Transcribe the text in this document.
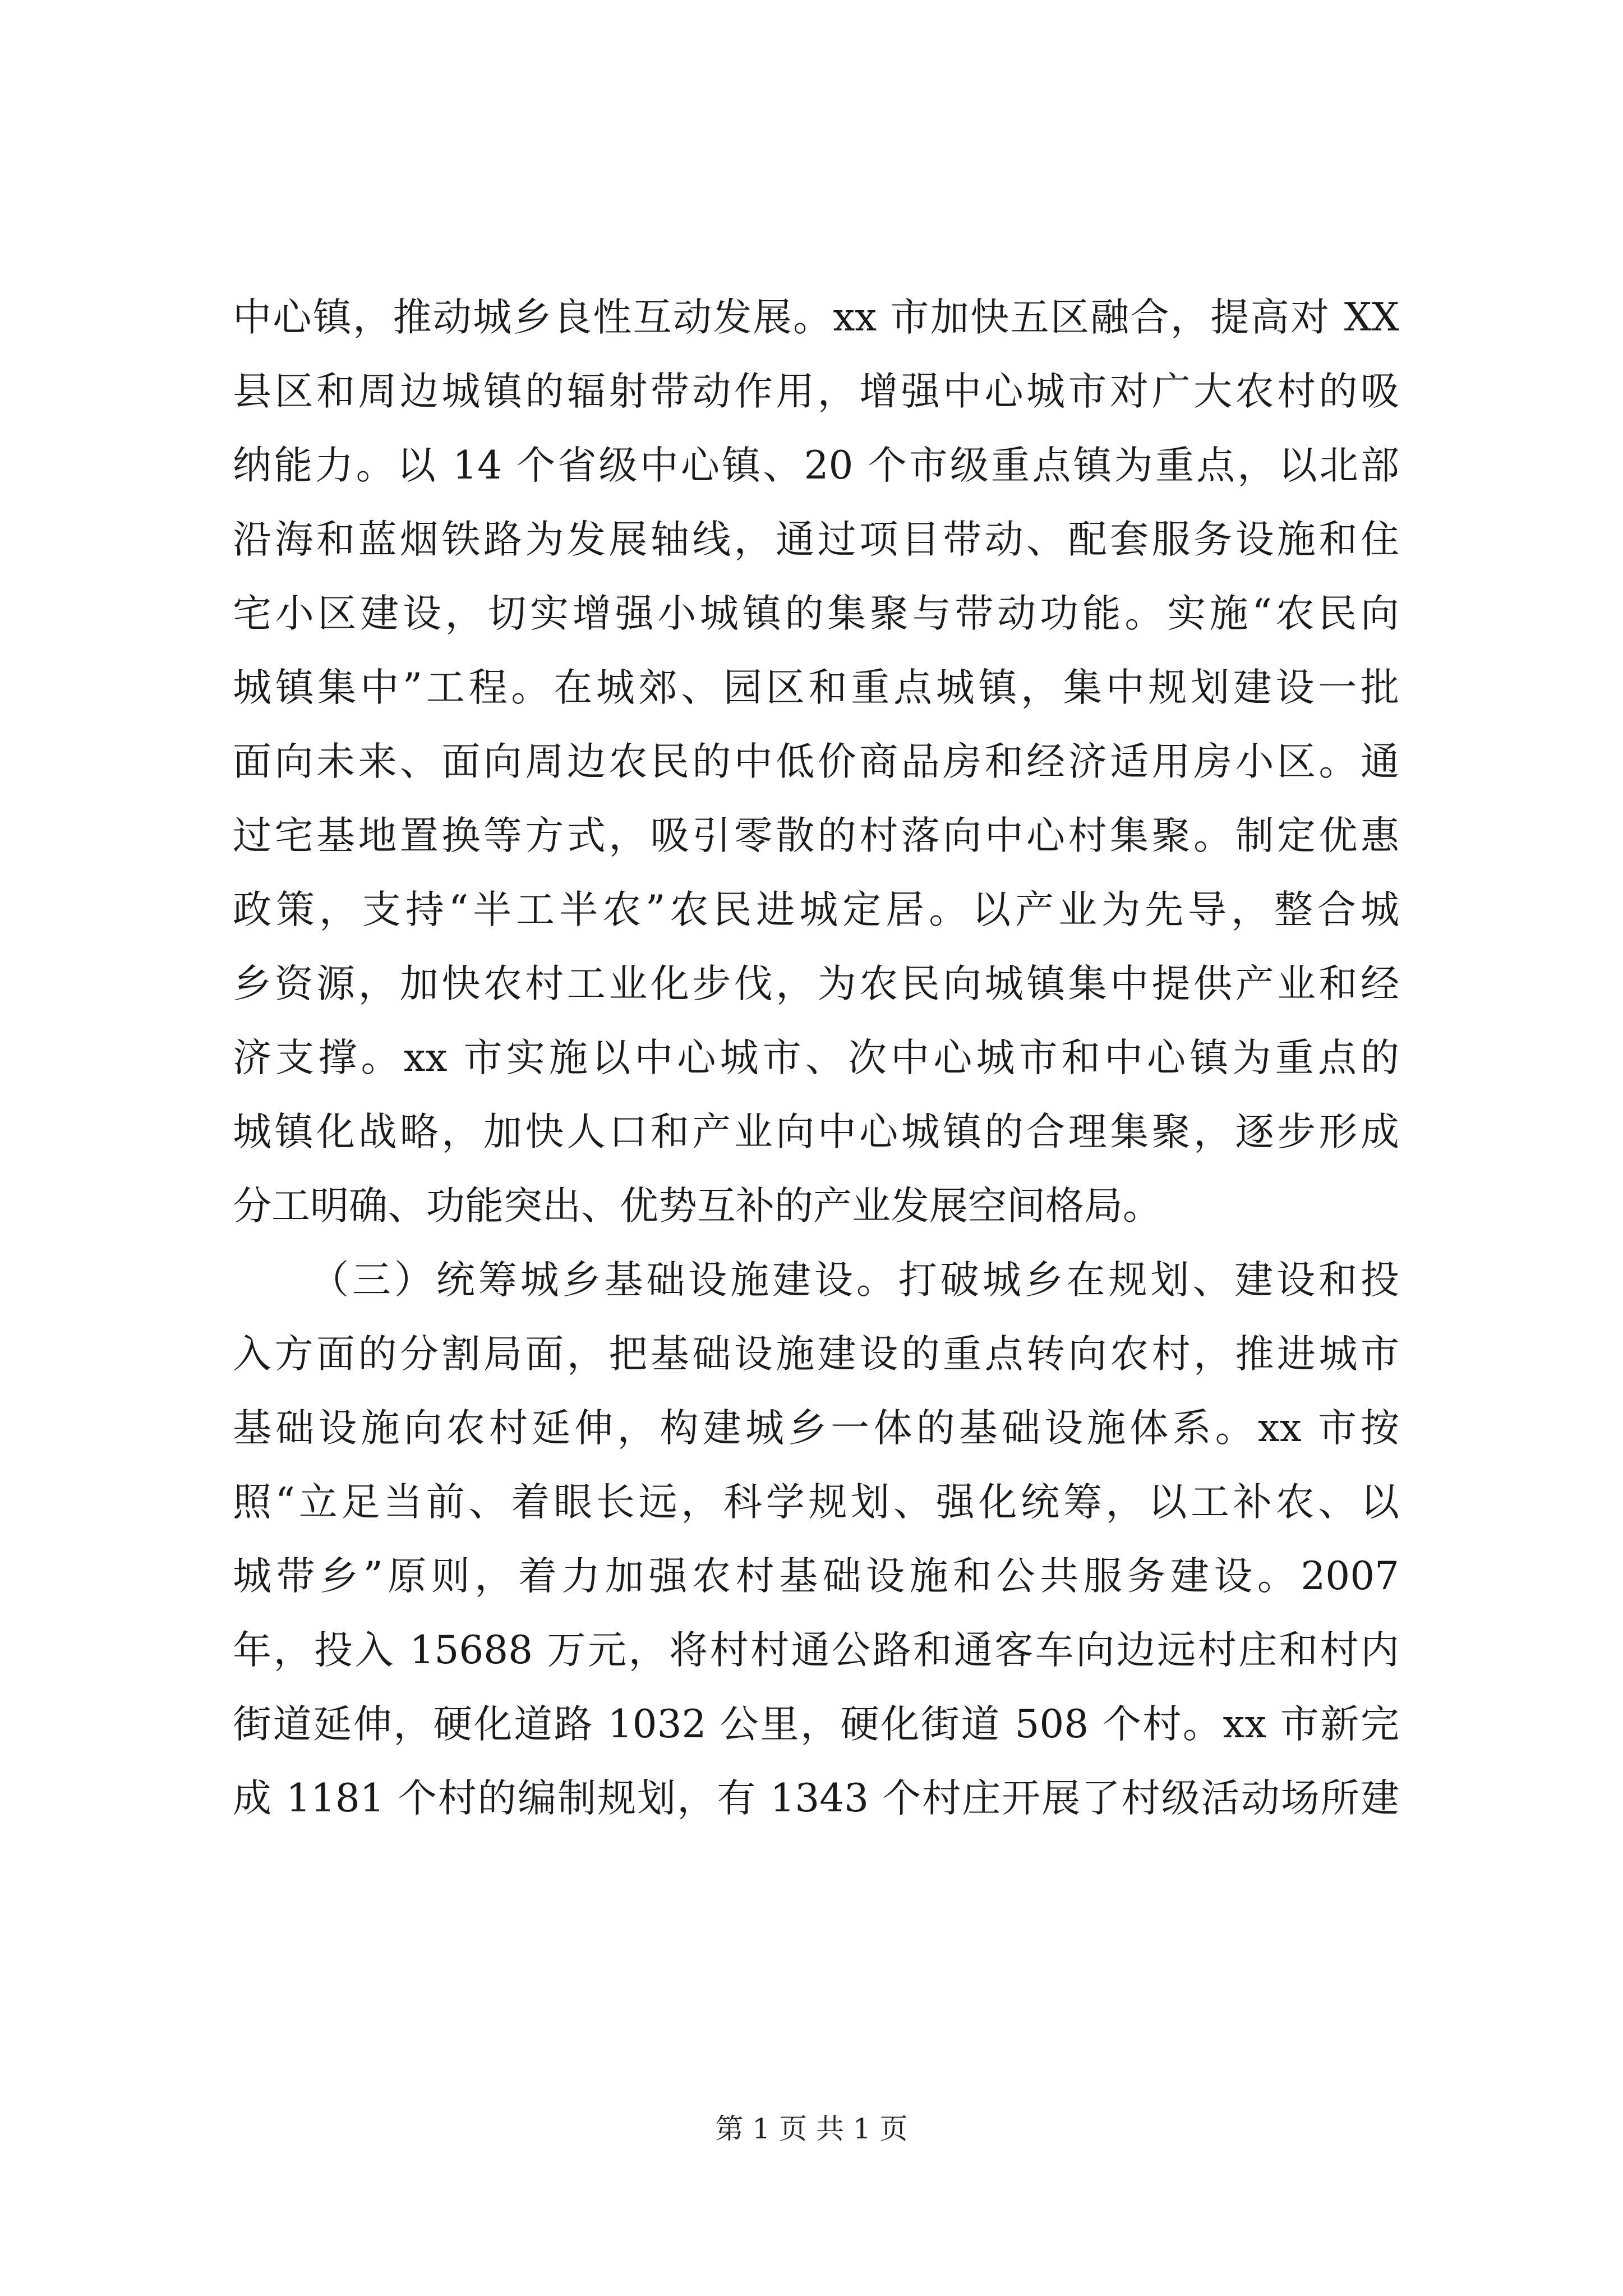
中心镇，推动城乡良性互动发展。xx 市加快五区融合，提高对 XX
县区和周边城镇的辐射带动作用，增强中心城市对广大农村的吸
纳能力。以 14 个省级中心镇、20 个市级重点镇为重点，以北部
沿海和蓝烟铁路为发展轴线，通过项目带动、配套服务设施和住
宅小区建设，切实增强小城镇的集聚与带动功能。实施“农民向
城镇集中”工程。在城郊、园区和重点城镇，集中规划建设一批
面向未来、面向周边农民的中低价商品房和经济适用房小区。通
过宅基地置换等方式，吸引零散的村落向中心村集聚。制定优惠
政策，支持“半工半农”农民进城定居。以产业为先导，整合城
乡资源，加快农村工业化步伐，为农民向城镇集中提供产业和经
济支撑。xx 市实施以中心城市、次中心城市和中心镇为重点的
城镇化战略，加快人口和产业向中心城镇的合理集聚，逐步形成
分工明确、功能突出、优势互补的产业发展空间格局。
（三）统筹城乡基础设施建设。打破城乡在规划、建设和投
入方面的分割局面，把基础设施建设的重点转向农村，推进城市
基础设施向农村延伸，构建城乡一体的基础设施体系。xx 市按
照“立足当前、着眼长远，科学规划、强化统筹，以工补农、以
城带乡”原则，着力加强农村基础设施和公共服务建设。2007
年，投入 15688 万元，将村村通公路和通客车向边远村庄和村内
街道延伸，硬化道路 1032 公里，硬化街道 508 个村。xx 市新完
成 1181 个村的编制规划，有 1343 个村庄开展了村级活动场所建
第 1 页 共 1 页
